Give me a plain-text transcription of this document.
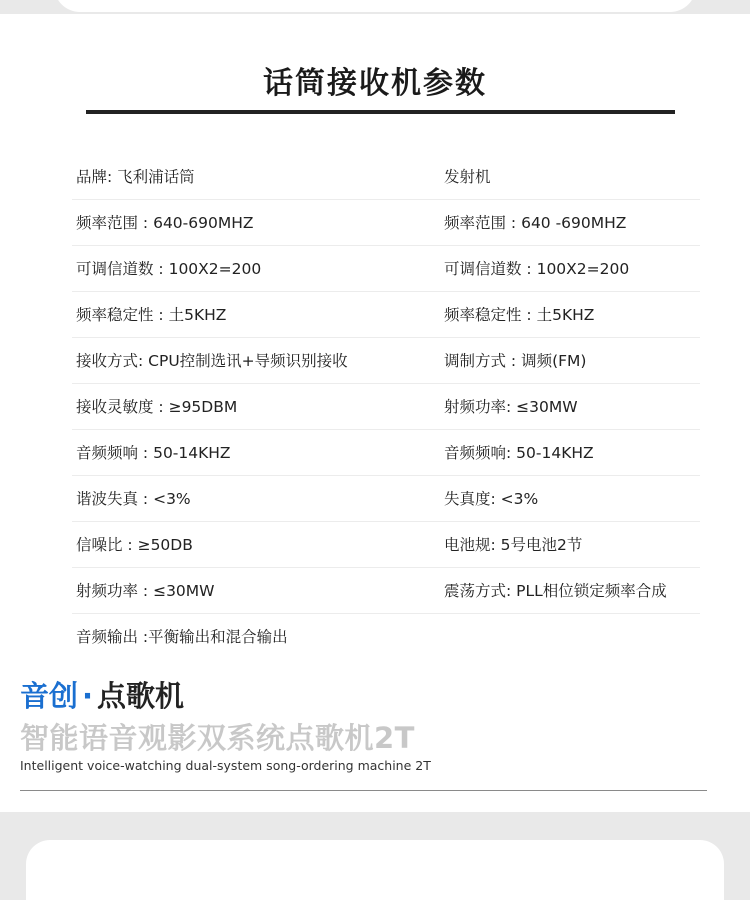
话筒接收机参数
品牌: 飞利浦话筒	发射机
频率范围 : 640-690MHZ	频率范围 : 640 -690MHZ
可调信道数 : 100X2=200	可调信道数 : 100X2=200
频率稳定性 : 土5KHZ	频率稳定性 : 土5KHZ
接收方式: CPU控制选讯+导频识别接收	调制方式 : 调频(FM)
接收灵敏度 : ≥95DBM	射频功率: ≤30MW
音频频响 : 50-14KHZ	音频频响: 50-14KHZ
谐波失真 : <3%	失真度: <3%
信噪比 : ≥50DB	电池规: 5号电池2节
射频功率 : ≤30MW	震荡方式: PLL相位锁定频率合成
音频输出 :平衡输出和混合输出
音创 · 点歌机
智能语音观影双系统点歌机2T
Intelligent voice-watching dual-system song-ordering machine 2T
